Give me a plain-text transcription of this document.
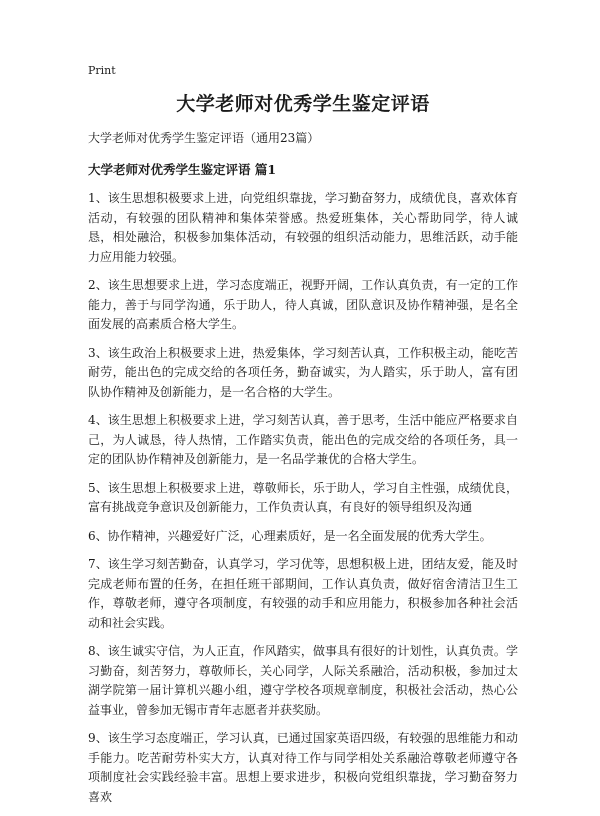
Print
大学老师对优秀学生鉴定评语
大学老师对优秀学生鉴定评语（通用23篇）
大学老师对优秀学生鉴定评语 篇1

1、该生思想积极要求上进，向党组织靠拢，学习勤奋努力，成绩优良，喜欢体育活动，有较强的团队精神和集体荣誉感。热爱班集体，关心帮助同学，待人诚恳，相处融洽，积极参加集体活动，有较强的组织活动能力，思维活跃，动手能力应用能力较强。

2、该生思想要求上进，学习态度端正，视野开阔，工作认真负责，有一定的工作能力，善于与同学沟通，乐于助人，待人真诚，团队意识及协作精神强，是名全面发展的高素质合格大学生。

3、该生政治上积极要求上进，热爱集体，学习刻苦认真，工作积极主动，能吃苦耐劳，能出色的完成交给的各项任务，勤奋诚实，为人踏实，乐于助人，富有团队协作精神及创新能力，是一名合格的大学生。

4、该生思想上积极要求上进，学习刻苦认真，善于思考，生活中能应严格要求自己，为人诚恳，待人热情，工作踏实负责，能出色的完成交给的各项任务，具一定的团队协作精神及创新能力，是一名品学兼优的合格大学生。

5、该生思想上积极要求上进，尊敬师长，乐于助人，学习自主性强，成绩优良，富有挑战竞争意识及创新能力，工作负责认真，有良好的领导组织及沟通

6、协作精神，兴趣爱好广泛，心理素质好，是一名全面发展的优秀大学生。

7、该生学习刻苦勤奋，认真学习，学习优等，思想积极上进，团结友爱，能及时完成老师布置的任务，在担任班干部期间，工作认真负责，做好宿舍清洁卫生工作，尊敬老师，遵守各项制度，有较强的动手和应用能力，积极参加各种社会活动和社会实践。

8、该生诚实守信，为人正直，作风踏实，做事具有很好的计划性，认真负责。学习勤奋，刻苦努力，尊敬师长，关心同学，人际关系融洽，活动积极，参加过太湖学院第一届计算机兴趣小组，遵守学校各项规章制度，积极社会活动，热心公益事业，曾参加无锡市青年志愿者并获奖励。

9、该生学习态度端正，学习认真，已通过国家英语四级，有较强的思维能力和动手能力。吃苦耐劳朴实大方，认真对待工作与同学相处关系融洽尊敬老师遵守各项制度社会实践经验丰富。思想上要求进步，积极向党组织靠拢，学习勤奋努力喜欢
